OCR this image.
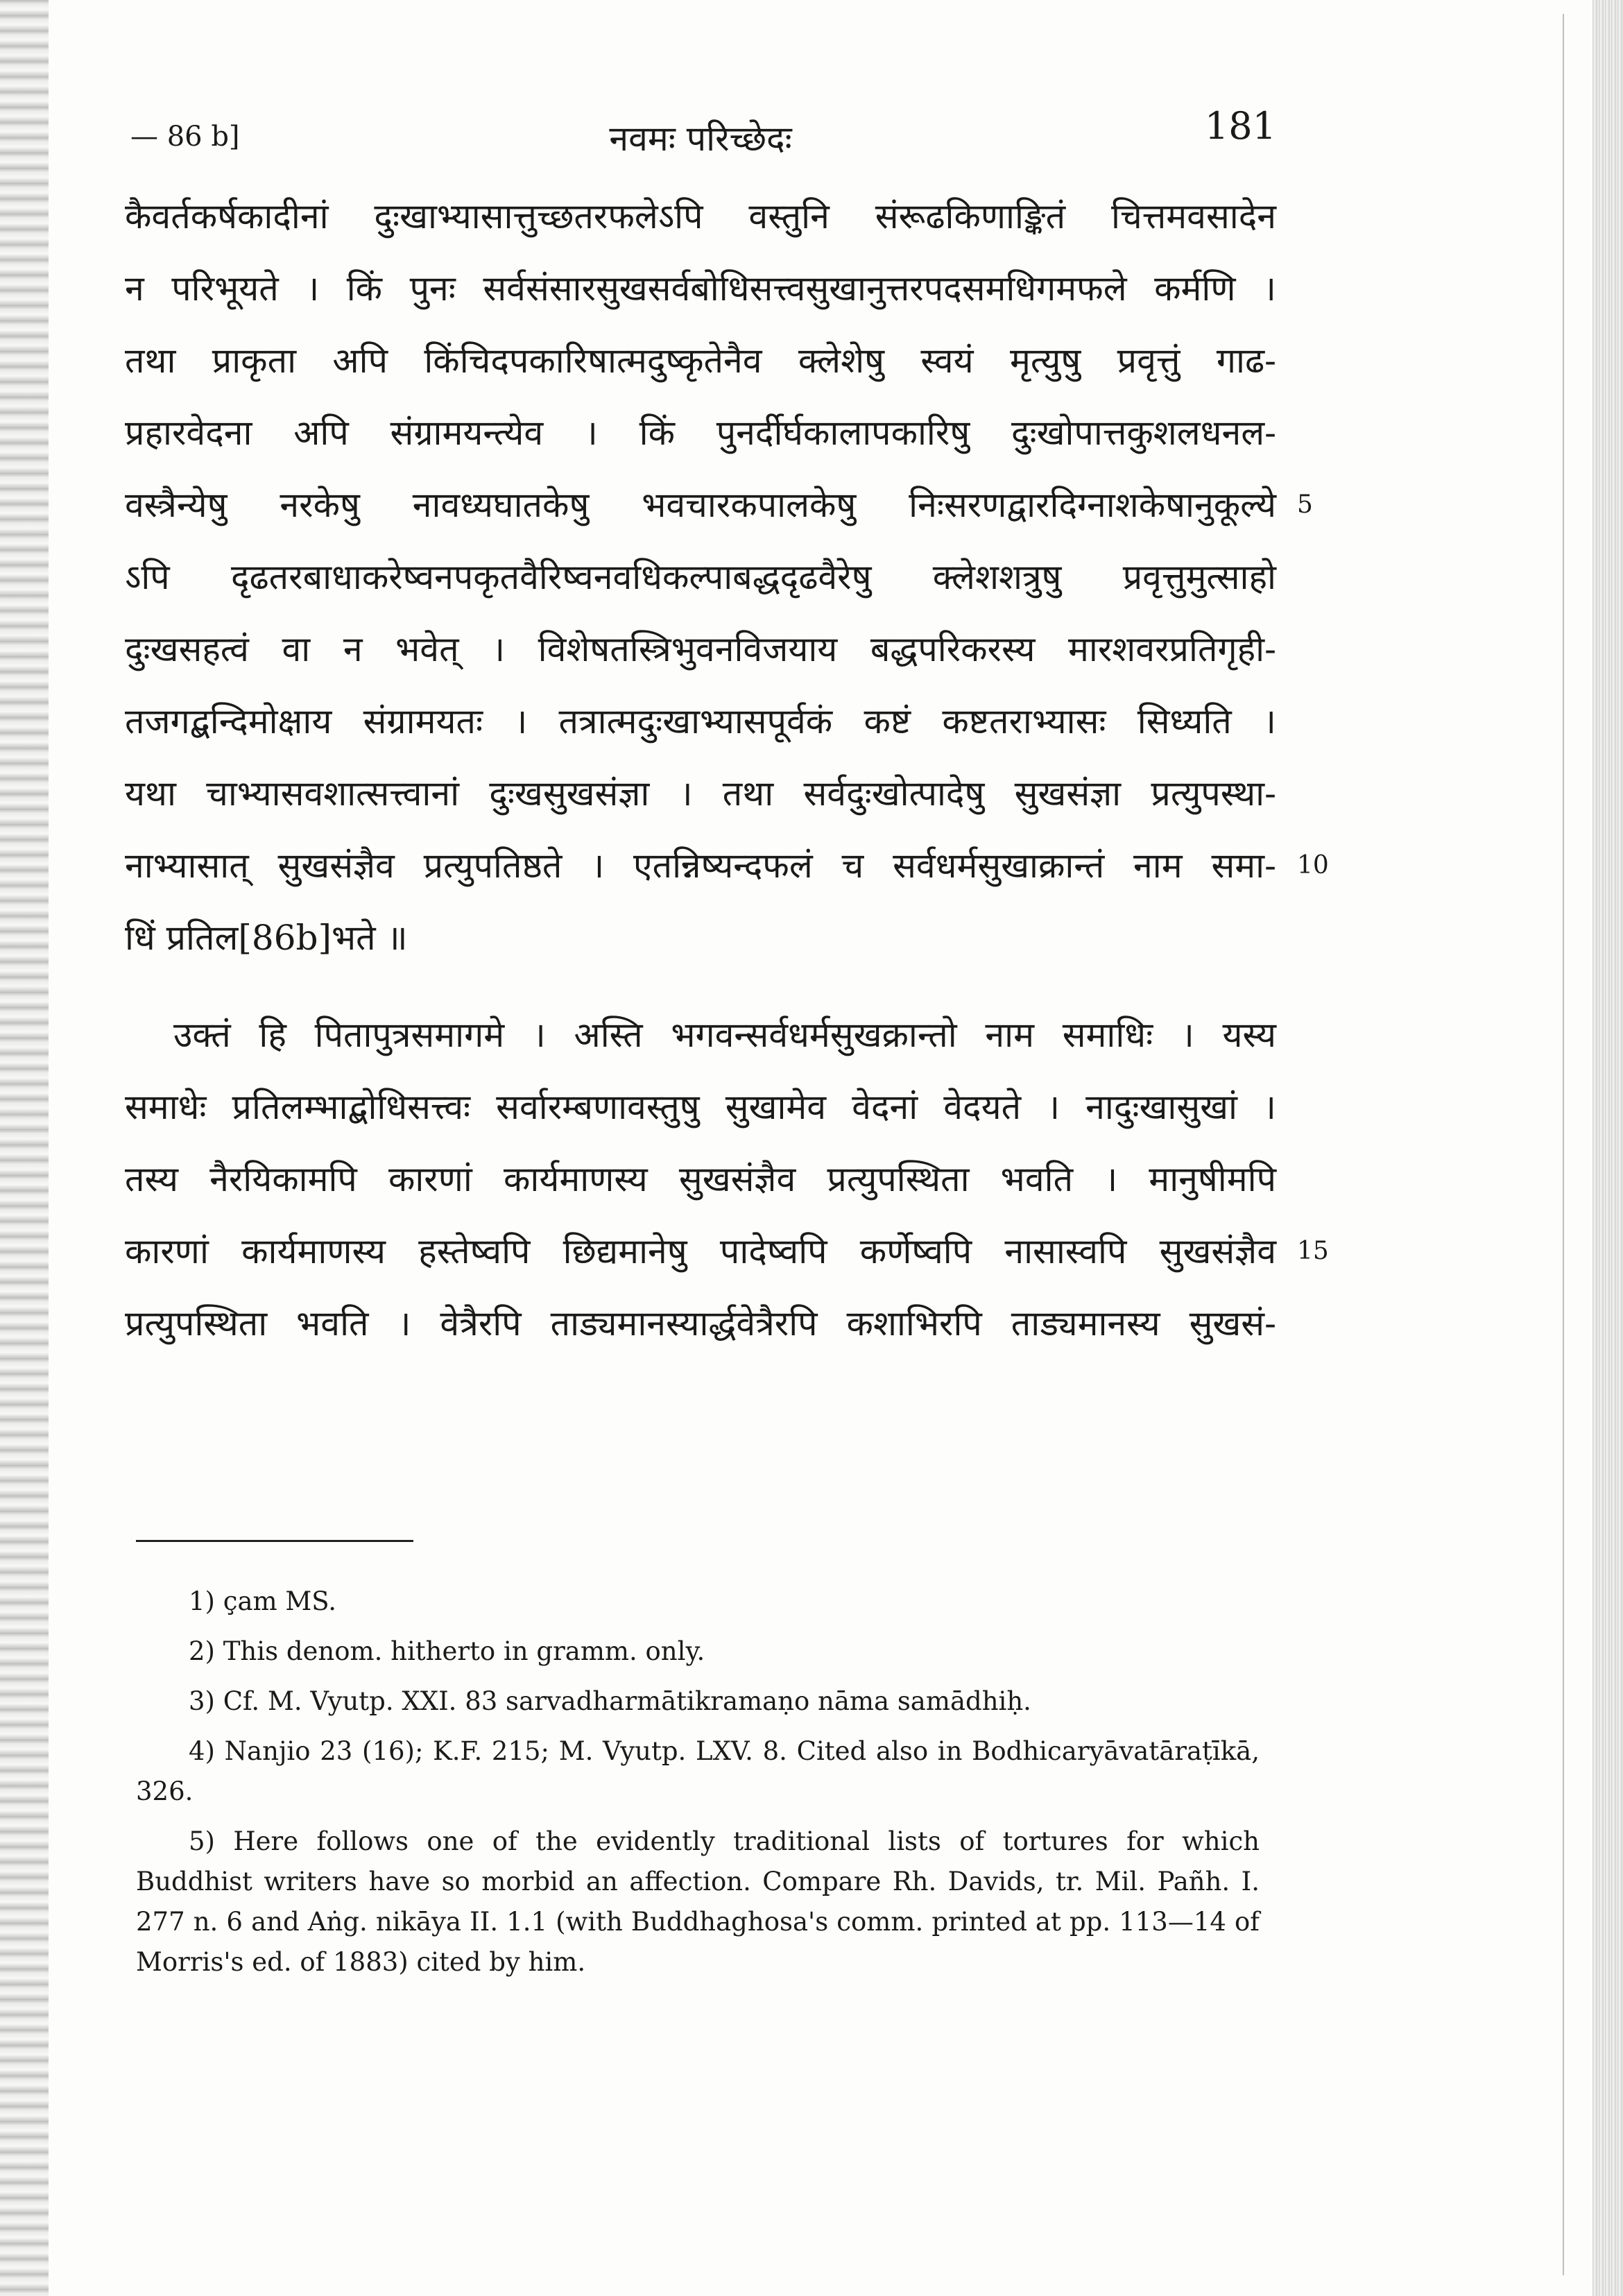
— 86 b]	नवमः परिच्छेदः	181
कैवर्तकर्षकादीनां दुःखाभ्यासात्तुच्छतरफलेऽपि वस्तुनि संरूढकिणाङ्कितं चित्तमवसादेन
न परिभूयते । किं पुनः सर्वसंसारसुखसर्वबोधिसत्त्वसुखानुत्तरपदसमधिगमफले कर्मणि ।
तथा प्राकृता अपि किंचिदपकारिषात्मदुष्कृतेनैव क्लेशेषु स्वयं मृत्युषु प्रवृत्तुं गाढ-
प्रहारवेदना अपि संग्रामयन्त्येव । किं पुनर्दीर्घकालापकारिषु दुःखोपात्तकुशलधनल-
वस्त्रैन्येषु नरकेषु नावध्यघातकेषु भवचारकपालकेषु निःसरणद्वारदिग्नाशकेषानुकूल्ये 5
ऽपि दृढतरबाधाकरेष्वनपकृतवैरिष्वनवधिकल्पाबद्धदृढवैरेषु क्लेशशत्रुषु प्रवृत्तुमुत्साहो
दुःखसहत्वं वा न भवेत् । विशेषतस्त्रिभुवनविजयाय बद्धपरिकरस्य मारशवरप्रतिगृही-
तजगद्बन्दिमोक्षाय संग्रामयतः । तत्रात्मदुःखाभ्यासपूर्वकं कष्टं कष्टतराभ्यासः सिध्यति ।
यथा चाभ्यासवशात्सत्त्वानां दुःखसुखसंज्ञा । तथा सर्वदुःखोत्पादेषु सुखसंज्ञा प्रत्युपस्था-
नाभ्यासात् सुखसंज्ञैव प्रत्युपतिष्ठते । एतन्निष्यन्दफलं च सर्वधर्मसुखाक्रान्तं नाम समा- 10
धिं प्रतिल[86b]भते ॥
उक्तं हि पितापुत्रसमागमे । अस्ति भगवन्सर्वधर्मसुखक्रान्तो नाम समाधिः । यस्य
समाधेः प्रतिलम्भाद्बोधिसत्त्वः सर्वारम्बणावस्तुषु सुखामेव वेदनां वेदयते । नादुःखासुखां ।
तस्य नैरयिकामपि कारणां कार्यमाणस्य सुखसंज्ञैव प्रत्युपस्थिता भवति । मानुषीमपि
कारणां कार्यमाणस्य हस्तेष्वपि छिद्यमानेषु पादेष्वपि कर्णेष्वपि नासास्वपि सुखसंज्ञैव 15
प्रत्युपस्थिता भवति । वेत्रैरपि ताड्यमानस्यार्द्धवेत्रैरपि कशाभिरपि ताड्यमानस्य सुखसं-
1) çam MS.
2) This denom. hitherto in gramm. only.
3) Cf. M. Vyutp. XXI. 83 sarvadharmātikramaṇo nāma samādhiḥ.
4) Nanjio 23 (16); K.F. 215; M. Vyutp. LXV. 8. Cited also in Bodhicaryāvatāraṭīkā, 326.
5) Here follows one of the evidently traditional lists of tortures for which Buddhist writers have so morbid an affection. Compare Rh. Davids, tr. Mil. Pañh. I. 277 n. 6 and Aṅg. nikāya II. 1.1 (with Buddhaghosa's comm. printed at pp. 113—14 of Morris's ed. of 1883) cited by him.
